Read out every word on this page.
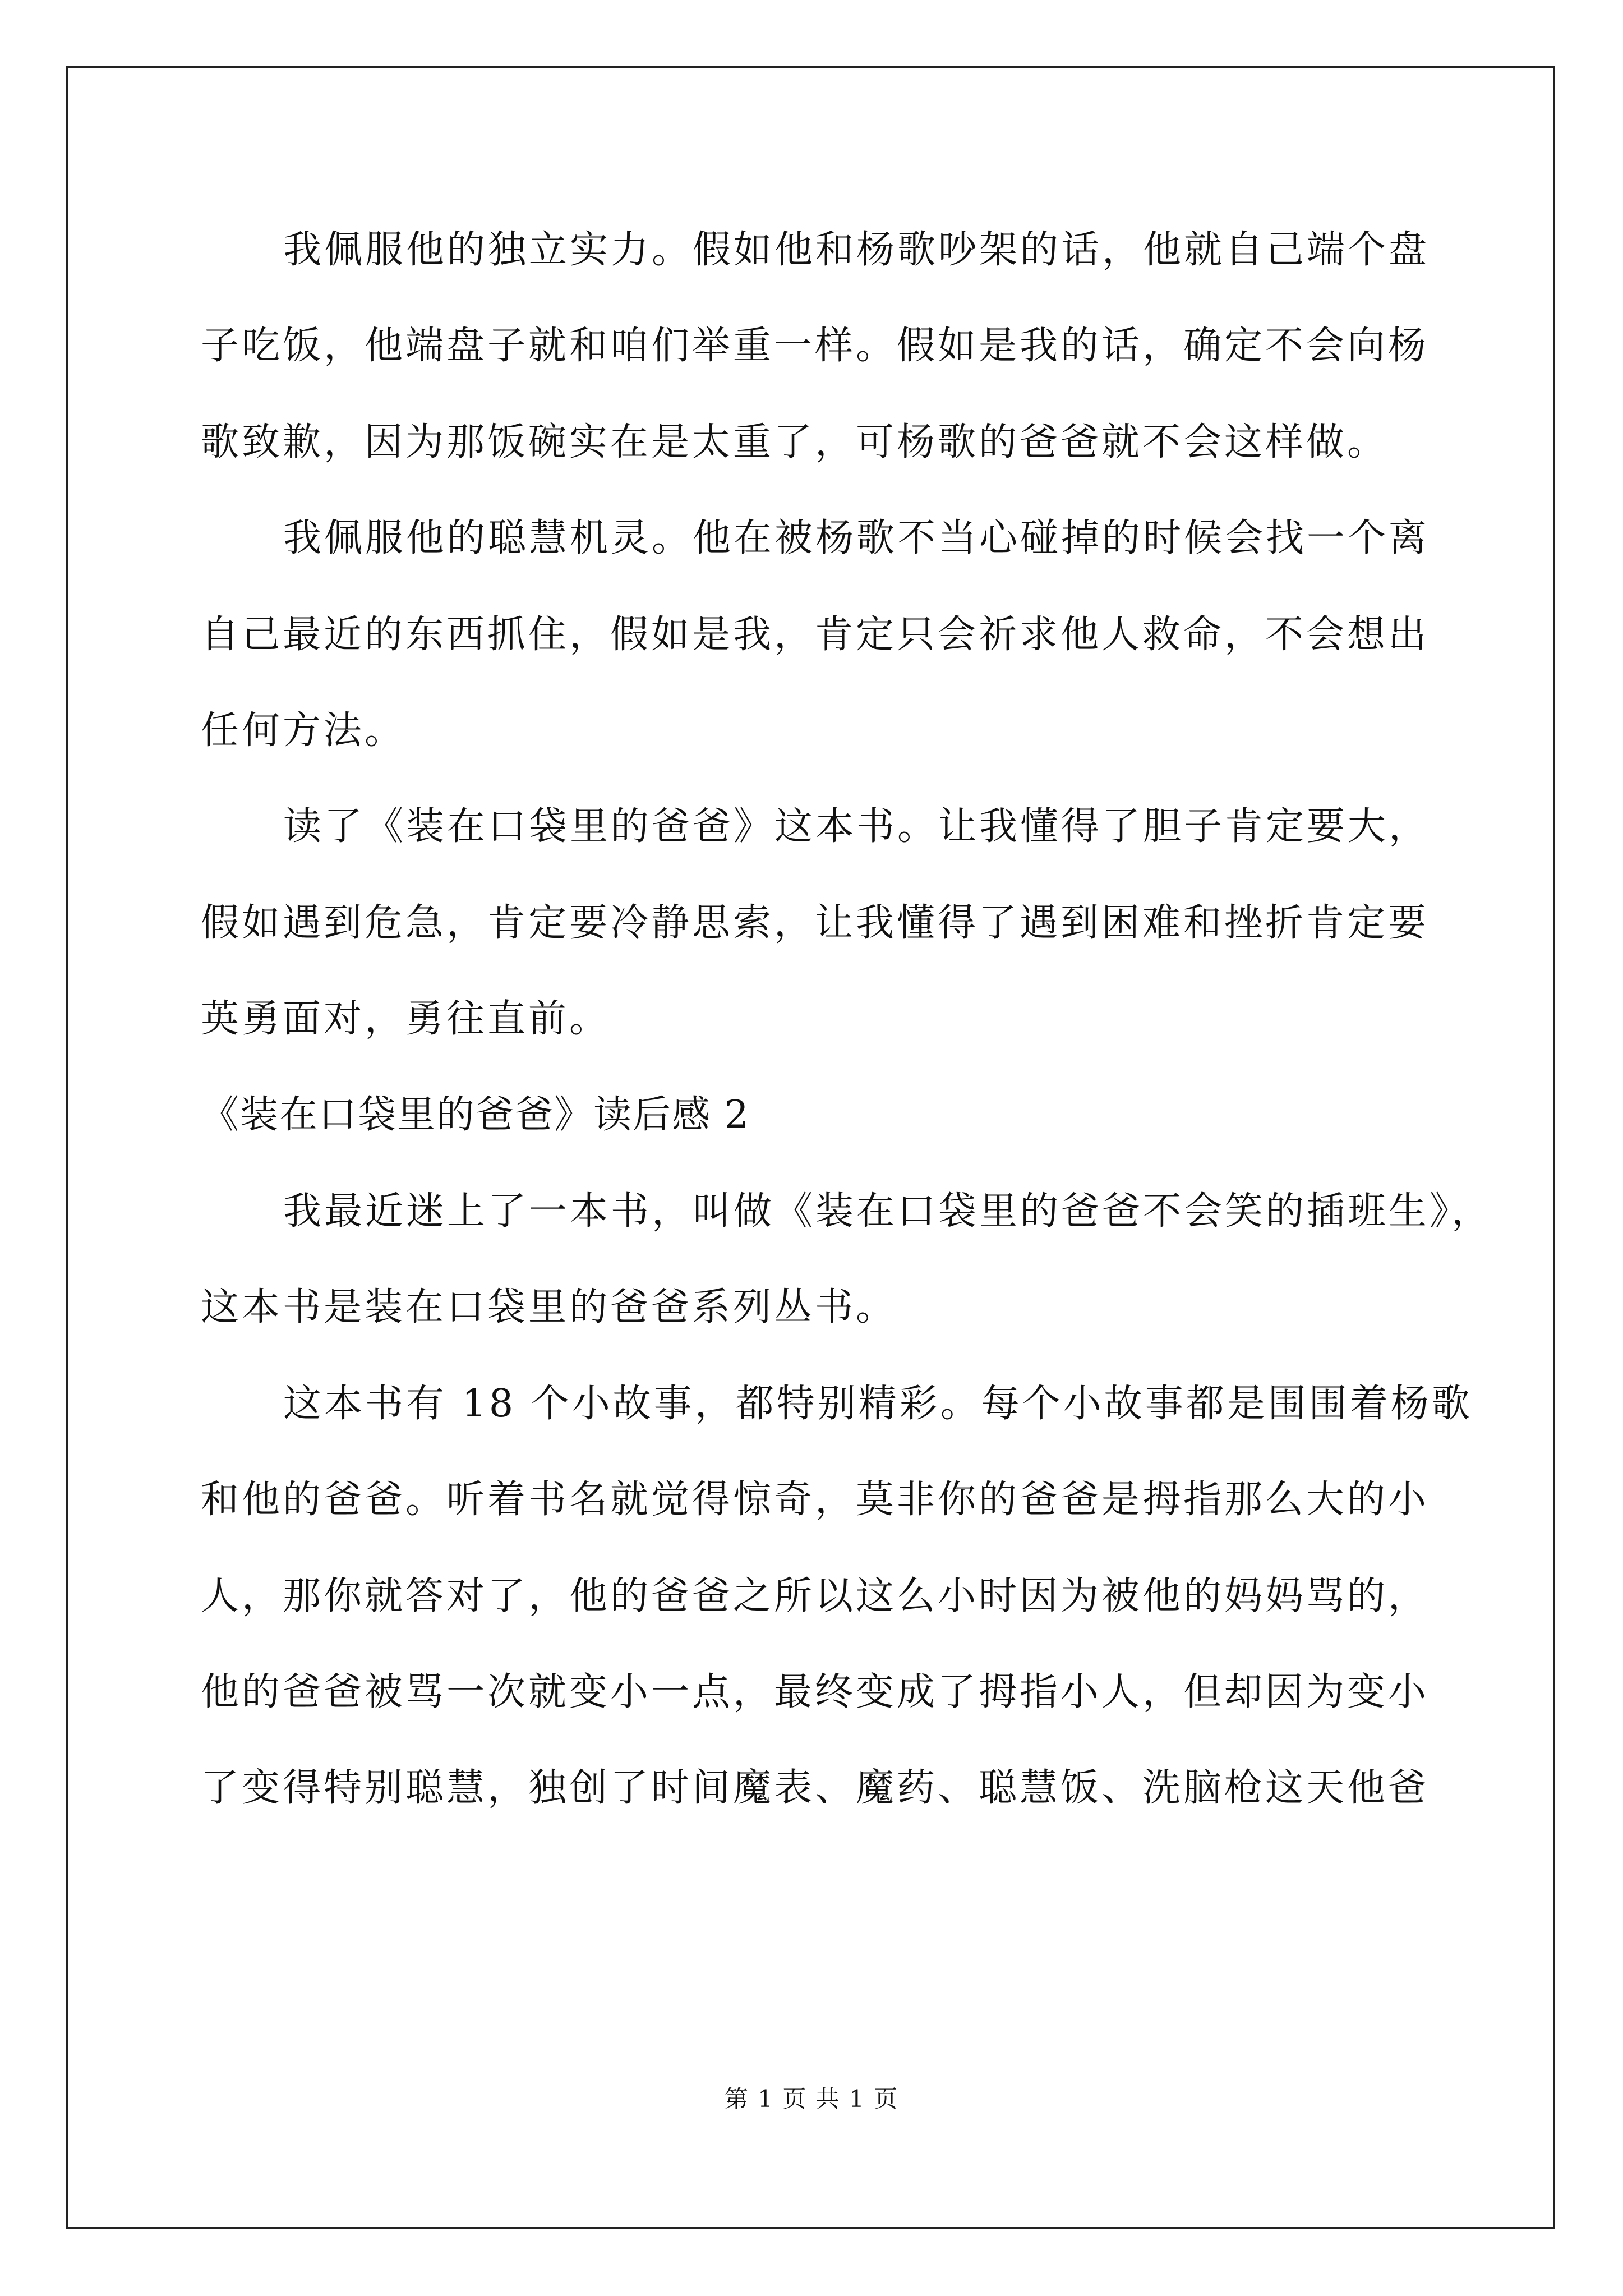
我佩服他的独立实力。假如他和杨歌吵架的话，他就自己端个盘
子吃饭，他端盘子就和咱们举重一样。假如是我的话，确定不会向杨
歌致歉，因为那饭碗实在是太重了，可杨歌的爸爸就不会这样做。
我佩服他的聪慧机灵。他在被杨歌不当心碰掉的时候会找一个离
自己最近的东西抓住，假如是我，肯定只会祈求他人救命，不会想出
任何方法。
读了《装在口袋里的爸爸》这本书。让我懂得了胆子肯定要大，
假如遇到危急，肯定要冷静思索，让我懂得了遇到困难和挫折肯定要
英勇面对，勇往直前。
《装在口袋里的爸爸》读后感 2
我最近迷上了一本书，叫做《装在口袋里的爸爸不会笑的插班生》，
这本书是装在口袋里的爸爸系列丛书。
这本书有 18 个小故事，都特别精彩。每个小故事都是围围着杨歌
和他的爸爸。听着书名就觉得惊奇，莫非你的爸爸是拇指那么大的小
人，那你就答对了，他的爸爸之所以这么小时因为被他的妈妈骂的，
他的爸爸被骂一次就变小一点，最终变成了拇指小人，但却因为变小
了变得特别聪慧，独创了时间魔表、魔药、聪慧饭、洗脑枪这天他爸
第 1 页 共 1 页
